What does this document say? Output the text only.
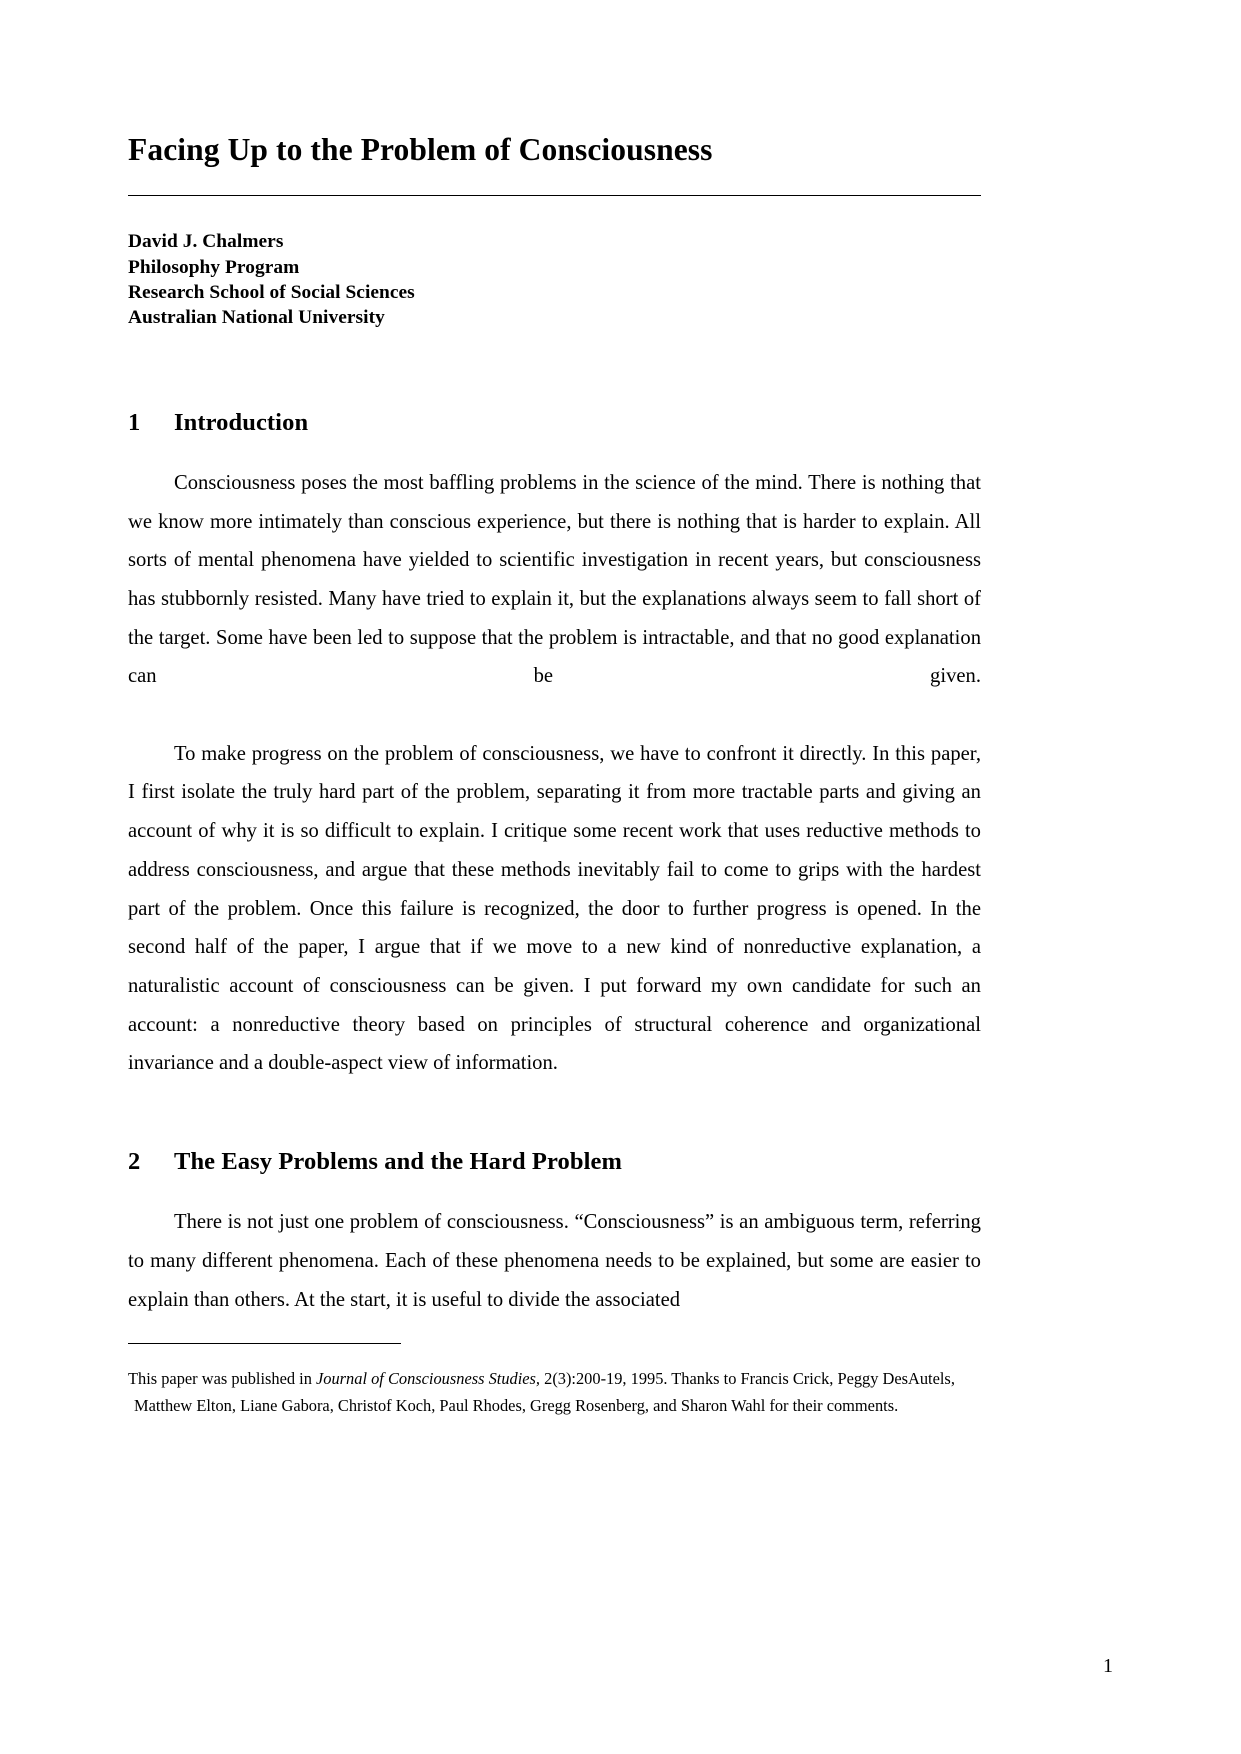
Facing Up to the Problem of Consciousness
David J. Chalmers
Philosophy Program
Research School of Social Sciences
Australian National University
1	Introduction

Consciousness poses the most baffling problems in the science of the mind. There is nothing that we know more intimately than conscious experience, but there is nothing that is harder to explain. All sorts of mental phenomena have yielded to scientific investigation in recent years, but consciousness has stubbornly resisted. Many have tried to explain it, but the explanations always seem to fall short of the target. Some have been led to suppose that the problem is intractable, and that no good explanation can be given.

To make progress on the problem of consciousness, we have to confront it directly. In this paper, I first isolate the truly hard part of the problem, separating it from more tractable parts and giving an account of why it is so difficult to explain. I critique some recent work that uses reductive methods to address consciousness, and argue that these methods inevitably fail to come to grips with the hardest part of the problem. Once this failure is recognized, the door to further progress is opened. In the second half of the paper, I argue that if we move to a new kind of nonreductive explanation, a naturalistic account of consciousness can be given. I put forward my own candidate for such an account: a nonreductive theory based on principles of structural coherence and organizational invariance and a double-aspect view of information.

2	The Easy Problems and the Hard Problem

There is not just one problem of consciousness. “Consciousness” is an ambiguous term, referring to many different phenomena. Each of these phenomena needs to be explained, but some are easier to explain than others. At the start, it is useful to divide the associated

This paper was published in Journal of Consciousness Studies, 2(3):200-19, 1995. Thanks to Francis Crick, Peggy DesAutels, Matthew Elton, Liane Gabora, Christof Koch, Paul Rhodes, Gregg Rosenberg, and Sharon Wahl for their comments.
1
